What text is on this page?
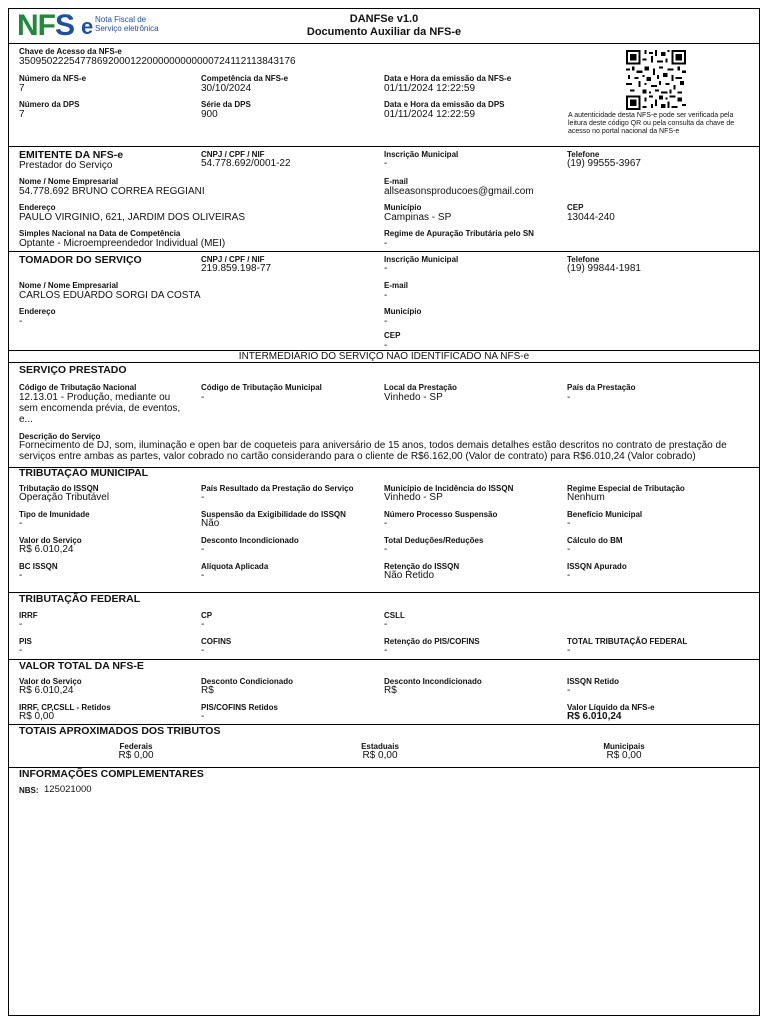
NFS e Nota Fiscal de
Serviço eletrônica
DANFSe v1.0
Documento Auxiliar da NFS-e
Chave de Acesso da NFS-e
35095022254778692000122000000000000724112113843176
Número da NFS-e
7
Competência da NFS-e
30/10/2024
Data e Hora da emissão da NFS-e
01/11/2024 12:22:59
Número da DPS
7
Série da DPS
900
Data e Hora da emissão da DPS
01/11/2024 12:22:59	A autenticidade desta NFS-e pode ser verificada pela leitura deste código QR ou pela consulta da chave de acesso no portal nacional da NFS-e
EMITENTE DA NFS-e
Prestador do Serviço
CNPJ / CPF / NIF
54.778.692/0001-22
Inscrição Municipal
-
Telefone
(19) 99555-3967
Nome / Nome Empresarial
54.778.692 BRUNO CORREA REGGIANI
E-mail
allseasonsproducoes@gmail.com
Endereço
PAULO VIRGINIO, 621, JARDIM DOS OLIVEIRAS
Município
Campinas - SP
CEP
13044-240
Simples Nacional na Data de Competência
Optante - Microempreendedor Individual (MEI)
Regime de Apuração Tributária pelo SN
-
TOMADOR DO SERVIÇO	CNPJ / CPF / NIF
219.859.198-77
Inscrição Municipal
-
Telefone
(19) 99844-1981
Nome / Nome Empresarial
CARLOS EDUARDO SORGI DA COSTA
E-mail
-
Endereço
-
Município
-
CEP
-
INTERMEDIÁRIO DO SERVIÇO NÃO IDENTIFICADO NA NFS-e
SERVIÇO PRESTADO
Código de Tributação Nacional
12.13.01 - Produção, mediante ou sem encomenda prévia, de eventos, e...
Código de Tributação Municipal
-
Local da Prestação
Vinhedo - SP
País da Prestação
-
Descrição do Serviço
Fornecimento de DJ, som, iluminação e open bar de coqueteis para aniversário de 15 anos, todos demais detalhes estão descritos no contrato de prestação de serviços entre ambas as partes, valor cobrado no cartão considerando para o cliente de R$6.162,00 (Valor de contrato) para R$6.010,24 (Valor cobrado)
TRIBUTAÇÃO MUNICIPAL
Tributação do ISSQN
Operação Tributável
País Resultado da Prestação do Serviço
-
Município de Incidência do ISSQN
Vinhedo - SP
Regime Especial de Tributação
Nenhum
Tipo de Imunidade
-
Suspensão da Exigibilidade do ISSQN
Não
Número Processo Suspensão
-
Benefício Municipal
-
Valor do Serviço
R$ 6.010,24
Desconto Incondicionado
-
Total Deduções/Reduções
-
Cálculo do BM
-
BC ISSQN
-
Alíquota Aplicada
-
Retenção do ISSQN
Não Retido
ISSQN Apurado
-
TRIBUTAÇÃO FEDERAL
IRRF
-
CP
-
CSLL
-
PIS
-
COFINS
-
Retenção do PIS/COFINS
-
TOTAL TRIBUTAÇÃO FEDERAL
-
VALOR TOTAL DA NFS-E
Valor do Serviço
R$ 6.010,24
Desconto Condicionado
R$
Desconto Incondicionado
R$
ISSQN Retido
-
IRRF, CP,CSLL - Retidos
R$ 0,00
PIS/COFINS Retidos
-
Valor Líquido da NFS-e
R$ 6.010,24
TOTAIS APROXIMADOS DOS TRIBUTOS
Federais
R$ 0,00
Estaduais
R$ 0,00
Municipais
R$ 0,00
INFORMAÇÕES COMPLEMENTARES
NBS: 125021000
